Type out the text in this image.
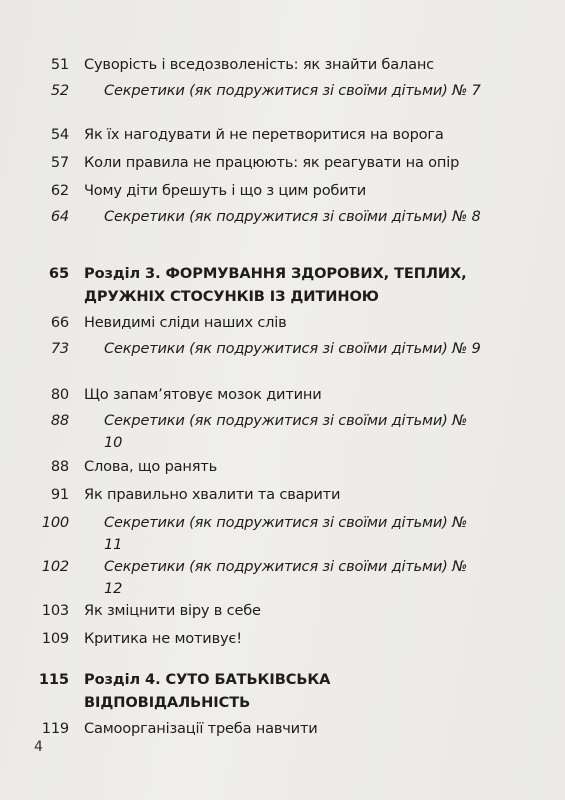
51	Суворість і вседозволеність: як знайти баланс
52	Секретики (як подружитися зі своїми дітьми) № 7
54	Як їх нагодувати й не перетворитися на ворога
57	Коли правила не працюють: як реагувати на опір
62	Чому діти брешуть і що з цим робити
64	Секретики (як подружитися зі своїми дітьми) № 8
65	Розділ 3. ФОРМУВАННЯ ЗДОРОВИХ, ТЕПЛИХ, ДРУЖНІХ СТОСУНКІВ ІЗ ДИТИНОЮ
66	Невидимі сліди наших слів
73	Секретики (як подружитися зі своїми дітьми) № 9
80	Що запам’ятовує мозок дитини
88	Секретики (як подружитися зі своїми дітьми) № 10
88	Слова, що ранять
91	Як правильно хвалити та сварити
100	Секретики (як подружитися зі своїми дітьми) № 11
102	Секретики (як подружитися зі своїми дітьми) № 12
103	Як зміцнити віру в себе
109	Критика не мотивує!
115	Розділ 4. СУТО БАТЬКІВСЬКА ВІДПОВІДАЛЬНІСТЬ
119	Самоорганізації треба навчити
4
